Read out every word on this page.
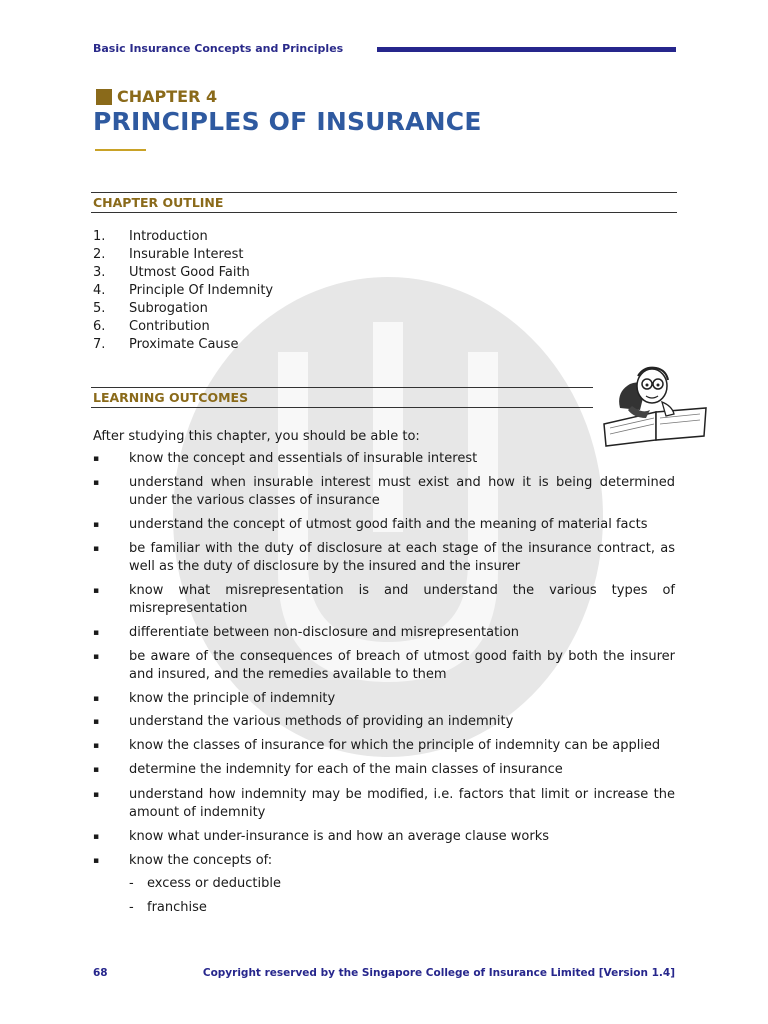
Basic Insurance Concepts and Principles
CHAPTER 4
PRINCIPLES OF INSURANCE
CHAPTER OUTLINE
1. Introduction
2. Insurable Interest
3. Utmost Good Faith
4. Principle Of Indemnity
5. Subrogation
6. Contribution
7. Proximate Cause
LEARNING OUTCOMES
After studying this chapter, you should be able to:
▪ know the concept and essentials of insurable interest
▪ understand when insurable interest must exist and how it is being determined under the various classes of insurance
▪ understand the concept of utmost good faith and the meaning of material facts
▪ be familiar with the duty of disclosure at each stage of the insurance contract, as well as the duty of disclosure by the insured and the insurer
▪ know what misrepresentation is and understand the various types of misrepresentation
▪ differentiate between non-disclosure and misrepresentation
▪ be aware of the consequences of breach of utmost good faith by both the insurer and insured, and the remedies available to them
▪ know the principle of indemnity
▪ understand the various methods of providing an indemnity
▪ know the classes of insurance for which the principle of indemnity can be applied
▪ determine the indemnity for each of the main classes of insurance
▪ understand how indemnity may be modified, i.e. factors that limit or increase the amount of indemnity
▪ know what under-insurance is and how an average clause works
▪ know the concepts of:
- excess or deductible
- franchise
68	Copyright reserved by the Singapore College of Insurance Limited [Version 1.4]
